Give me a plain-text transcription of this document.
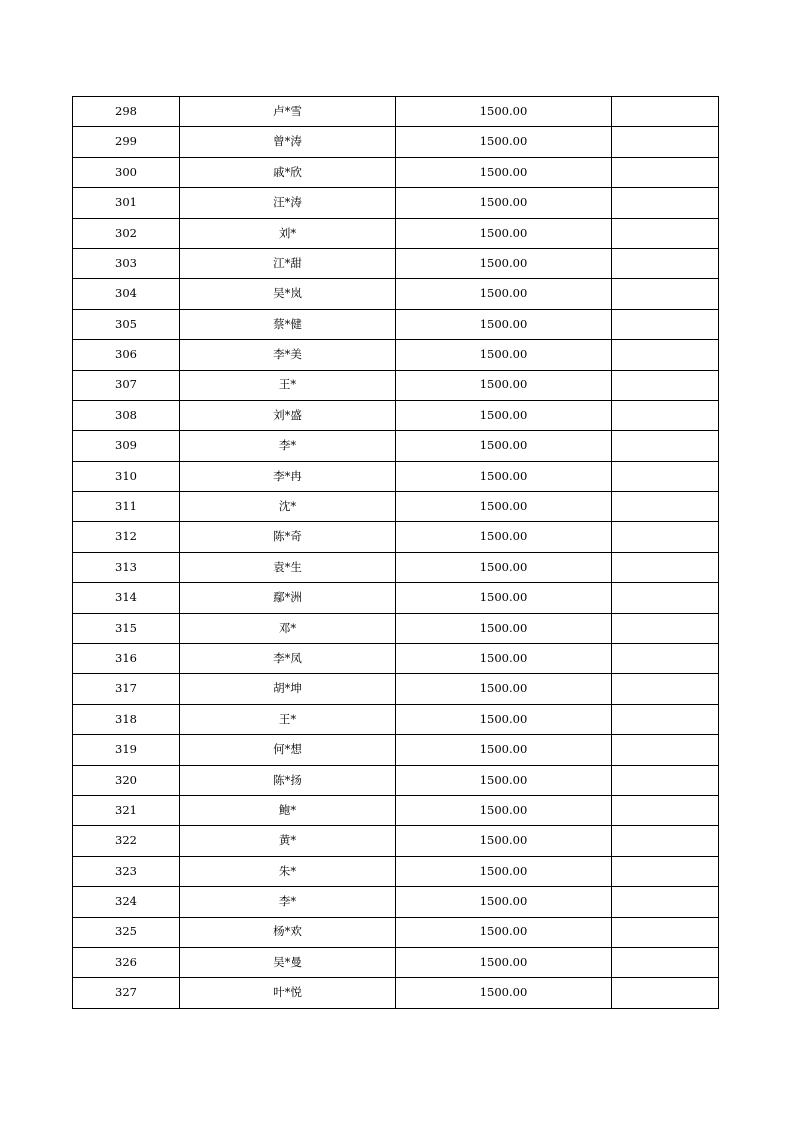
298	卢*雪	1500.00	
299	曾*涛	1500.00	
300	戚*欣	1500.00	
301	汪*涛	1500.00	
302	刘*	1500.00	
303	江*甜	1500.00	
304	吴*岚	1500.00	
305	蔡*健	1500.00	
306	李*美	1500.00	
307	王*	1500.00	
308	刘*盛	1500.00	
309	李*	1500.00	
310	李*冉	1500.00	
311	沈*	1500.00	
312	陈*奇	1500.00	
313	袁*生	1500.00	
314	鄢*洲	1500.00	
315	邓*	1500.00	
316	李*凤	1500.00	
317	胡*坤	1500.00	
318	王*	1500.00	
319	何*想	1500.00	
320	陈*扬	1500.00	
321	鲍*	1500.00	
322	黄*	1500.00	
323	朱*	1500.00	
324	李*	1500.00	
325	杨*欢	1500.00	
326	吴*曼	1500.00	
327	叶*悦	1500.00	
